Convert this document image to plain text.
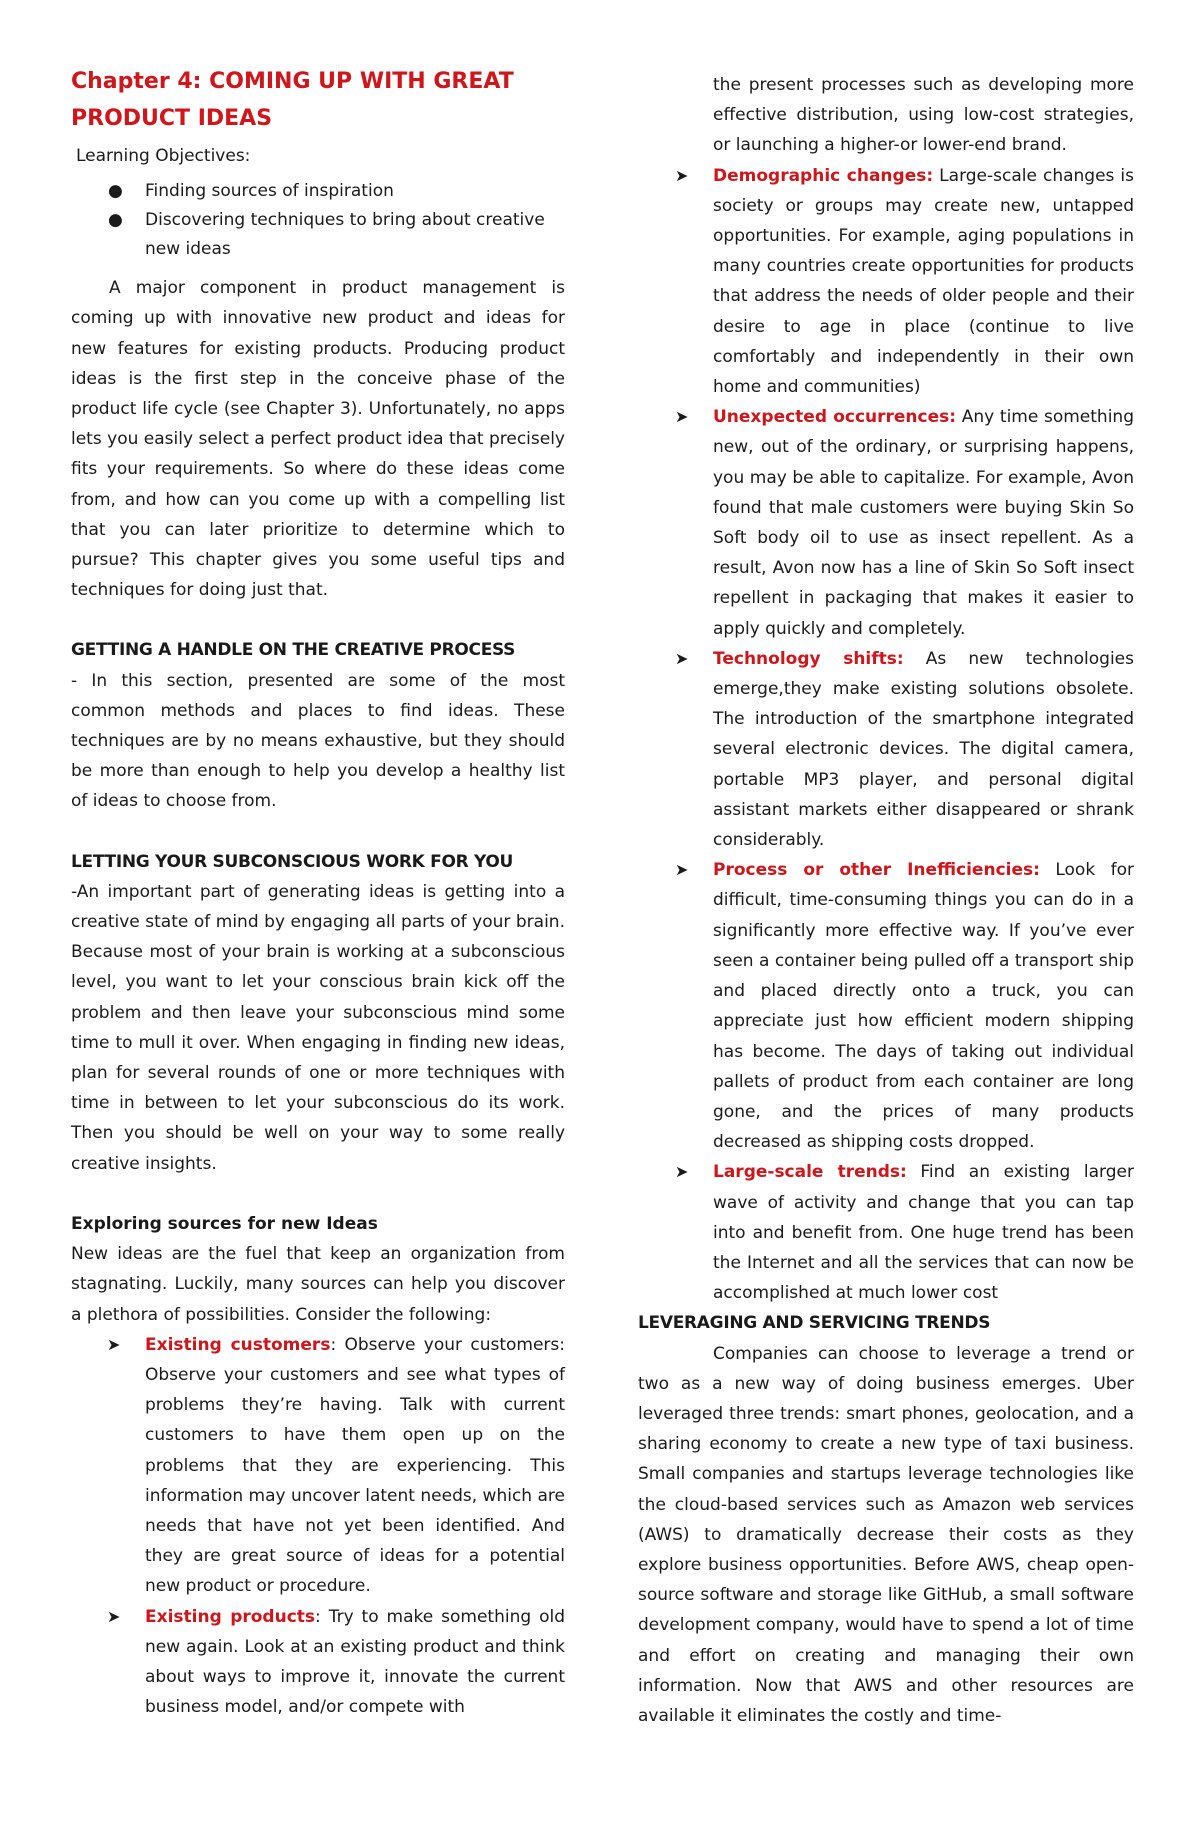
Chapter 4: COMING UP WITH GREAT
PRODUCT IDEAS

Learning Objectives:

● Finding sources of inspiration
● Discovering techniques to bring about creative new ideas

A major component in product management is coming up with innovative new product and ideas for new features for existing products. Producing product ideas is the first step in the conceive phase of the product life cycle (see Chapter 3). Unfortunately, no apps lets you easily select a perfect product idea that precisely fits your requirements. So where do these ideas come from, and how can you come up with a compelling list that you can later prioritize to determine which to pursue? This chapter gives you some useful tips and techniques for doing just that.

GETTING A HANDLE ON THE CREATIVE PROCESS

- In this section, presented are some of the most common methods and places to find ideas. These techniques are by no means exhaustive, but they should be more than enough to help you develop a healthy list of ideas to choose from.

LETTING YOUR SUBCONSCIOUS WORK FOR YOU

-An important part of generating ideas is getting into a creative state of mind by engaging all parts of your brain. Because most of your brain is working at a subconscious level, you want to let your conscious brain kick off the problem and then leave your subconscious mind some time to mull it over. When engaging in finding new ideas, plan for several rounds of one or more techniques with time in between to let your subconscious do its work. Then you should be well on your way to some really creative insights.

Exploring sources for new Ideas

New ideas are the fuel that keep an organization from stagnating. Luckily, many sources can help you discover a plethora of possibilities. Consider the following:

➤ Existing customers: Observe your customers: Observe your customers and see what types of problems they’re having. Talk with current customers to have them open up on the problems that they are experiencing. This information may uncover latent needs, which are needs that have not yet been identified. And they are great source of ideas for a potential new product or procedure.
➤ Existing products: Try to make something old new again. Look at an existing product and think about ways to improve it, innovate the current business model, and/or compete with

the present processes such as developing more effective distribution, using low-cost strategies, or launching a higher-or lower-end brand.

➤ Demographic changes: Large-scale changes is society or groups may create new, untapped opportunities. For example, aging populations in many countries create opportunities for products that address the needs of older people and their desire to age in place (continue to live comfortably and independently in their own home and communities)
➤ Unexpected occurrences: Any time something new, out of the ordinary, or surprising happens, you may be able to capitalize. For example, Avon found that male customers were buying Skin So Soft body oil to use as insect repellent. As a result, Avon now has a line of Skin So Soft insect repellent in packaging that makes it easier to apply quickly and completely.
➤ Technology shifts: As new technologies emerge,they make existing solutions obsolete. The introduction of the smartphone integrated several electronic devices. The digital camera, portable MP3 player, and personal digital assistant markets either disappeared or shrank considerably.
➤ Process or other Inefficiencies: Look for difficult, time-consuming things you can do in a significantly more effective way. If you’ve ever seen a container being pulled off a transport ship and placed directly onto a truck, you can appreciate just how efficient modern shipping has become. The days of taking out individual pallets of product from each container are long gone, and the prices of many products decreased as shipping costs dropped.
➤ Large-scale trends: Find an existing larger wave of activity and change that you can tap into and benefit from. One huge trend has been the Internet and all the services that can now be accomplished at much lower cost

LEVERAGING AND SERVICING TRENDS

Companies can choose to leverage a trend or two as a new way of doing business emerges. Uber leveraged three trends: smart phones, geolocation, and a sharing economy to create a new type of taxi business. Small companies and startups leverage technologies like the cloud-based services such as Amazon web services (AWS) to dramatically decrease their costs as they explore business opportunities. Before AWS, cheap open-source software and storage like GitHub, a small software development company, would have to spend a lot of time and effort on creating and managing their own information. Now that AWS and other resources are available it eliminates the costly and time-
